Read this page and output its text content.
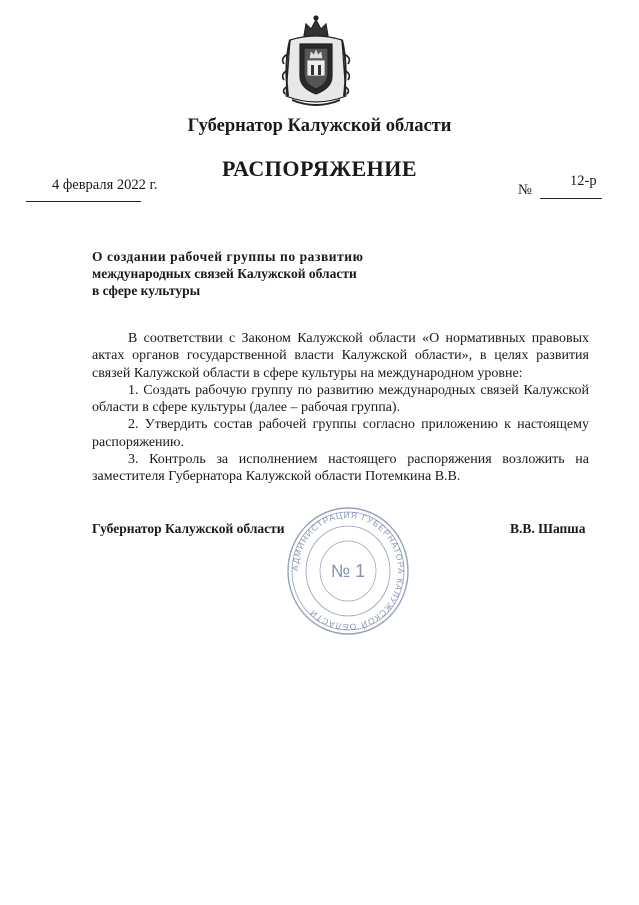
Губернатор Калужской области
РАСПОРЯЖЕНИЕ
4 февраля 2022 г.	№
12-р
О создании рабочей группы по развитию
международных связей Калужской области
в сфере культуры

В соответствии с Законом Калужской области «О нормативных правовых актах органов государственной власти Калужской области», в целях развития связей Калужской области в сфере культуры на международном уровне:

1. Создать рабочую группу по развитию международных связей Калужской области в сфере культуры (далее – рабочая группа).

2. Утвердить состав рабочей группы согласно приложению к настоящему распоряжению.

3. Контроль за исполнением настоящего распоряжения возложить на заместителя Губернатора Калужской области Потемкина В.В.

Губернатор Калужской области	В.В. Шапша
АДМИНИСТРАЦИЯ ГУБЕРНАТОРА КАЛУЖСКОЙ ОБЛАСТИ
№ 1
